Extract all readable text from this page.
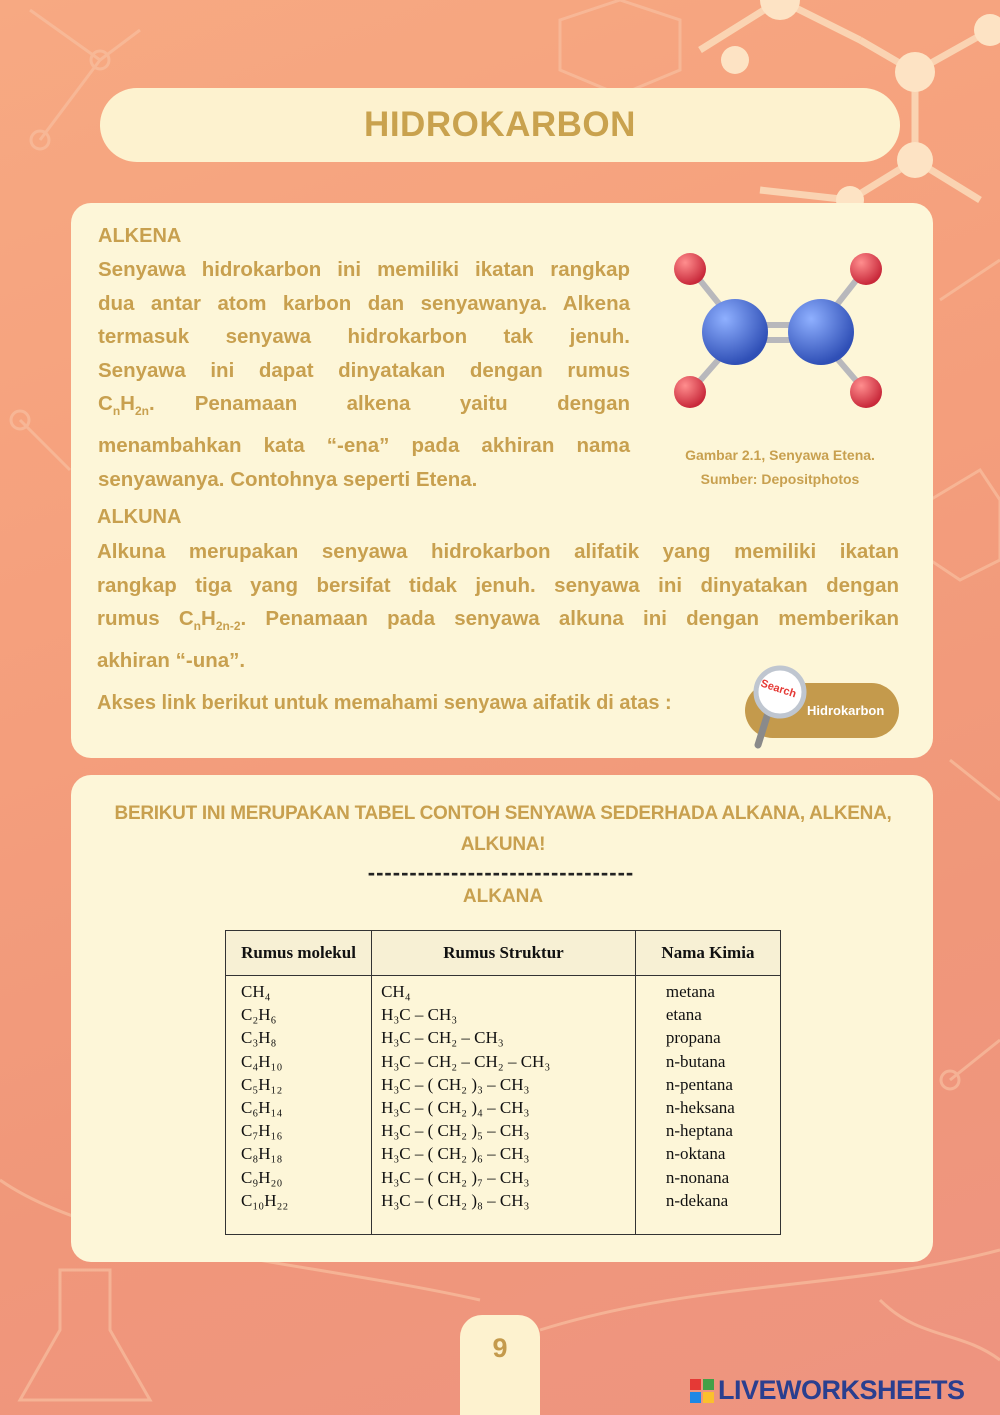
HIDROKARBON
ALKENA
Senyawa hidrokarbon ini memiliki ikatan rangkap
dua antar atom karbon dan senyawanya. Alkena
termasuk senyawa hidrokarbon tak jenuh.
Senyawa ini dapat dinyatakan dengan rumus
$C_nH_{2n}$. Penamaan alkena yaitu dengan
menambahkan kata “-ena” pada akhiran nama
senyawanya. Contohnya seperti Etena.
Gambar 2.1, Senyawa Etena.
Sumber: Depositphotos
ALKUNA
Alkuna merupakan senyawa hidrokarbon alifatik yang memiliki ikatan
rangkap tiga yang bersifat tidak jenuh. senyawa ini dinyatakan dengan
rumus $C_nH_{2n-2}$. Penamaan pada senyawa alkuna ini dengan memberikan
akhiran “-una”.
Akses link berikut untuk memahami senyawa aifatik di atas :	Hidrokarbon
Search
BERIKUT INI MERUPAKAN TABEL CONTOH SENYAWA SEDERHADA ALKANA, ALKENA,
ALKUNA!
--------------------------------
ALKANA
Rumus molekul	Rumus Struktur	Nama Kimia
CH₄	CH₄	metana
C₂H₆	H₃C – CH₃	etana
C₃H₈	H₃C – CH₂ – CH₃	propana
C₄H₁₀	H₃C – CH₂ – CH₂ – CH₃	n-butana
C₅H₁₂	H₃C – ( CH₂ )₃ – CH₃	n-pentana
C₆H₁₄	H₃C – ( CH₂ )₄ – CH₃	n-heksana
C₇H₁₆	H₃C – ( CH₂ )₅ – CH₃	n-heptana
C₈H₁₈	H₃C – ( CH₂ )₆ – CH₃	n-oktana
C₉H₂₀	H₃C – ( CH₂ )₇ – CH₃	n-nonana
C₁₀H₂₂	H₃C – ( CH₂ )₈ – CH₃	n-dekana
9
LIVEWORKSHEETS
